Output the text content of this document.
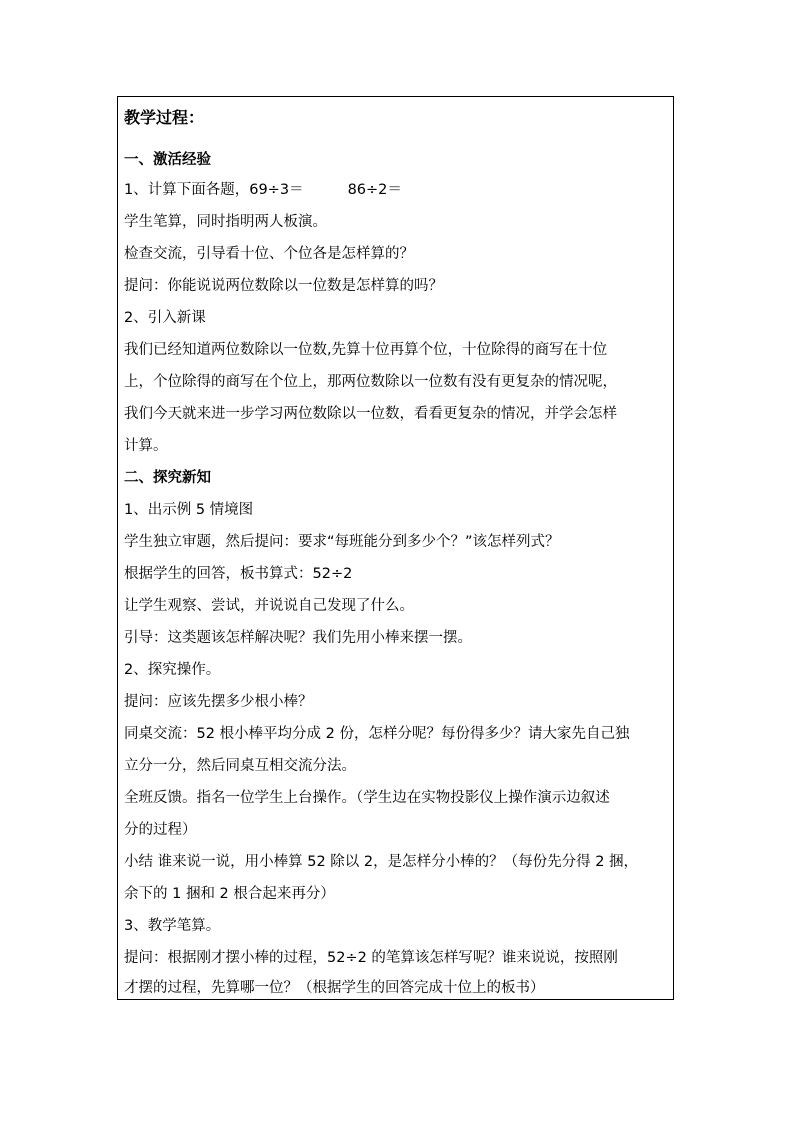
教学过程：
一、激活经验
1、计算下面各题，69÷3＝	86÷2＝
学生笔算，同时指明两人板演。
检查交流，引导看十位、个位各是怎样算的？
提问：你能说说两位数除以一位数是怎样算的吗？
2、引入新课
我们已经知道两位数除以一位数,先算十位再算个位，十位除得的商写在十位
上，个位除得的商写在个位上，那两位数除以一位数有没有更复杂的情况呢，
我们今天就来进一步学习两位数除以一位数，看看更复杂的情况，并学会怎样
计算。
二、探究新知
1、出示例 5 情境图
学生独立审题，然后提问：要求“每班能分到多少个？”该怎样列式？
根据学生的回答，板书算式：52÷2
让学生观察、尝试，并说说自己发现了什么。
引导：这类题该怎样解决呢？我们先用小棒来摆一摆。
2、探究操作。
提问：应该先摆多少根小棒？
同桌交流：52 根小棒平均分成 2 份，怎样分呢？每份得多少？请大家先自己独
立分一分，然后同桌互相交流分法。
全班反馈。指名一位学生上台操作。（学生边在实物投影仪上操作演示边叙述
分的过程）
小结 谁来说一说，用小棒算 52 除以 2，是怎样分小棒的？（每份先分得 2 捆，
余下的 1 捆和 2 根合起来再分）
3、教学笔算。
提问：根据刚才摆小棒的过程，52÷2 的笔算该怎样写呢？谁来说说，按照刚
才摆的过程，先算哪一位？（根据学生的回答完成十位上的板书）
